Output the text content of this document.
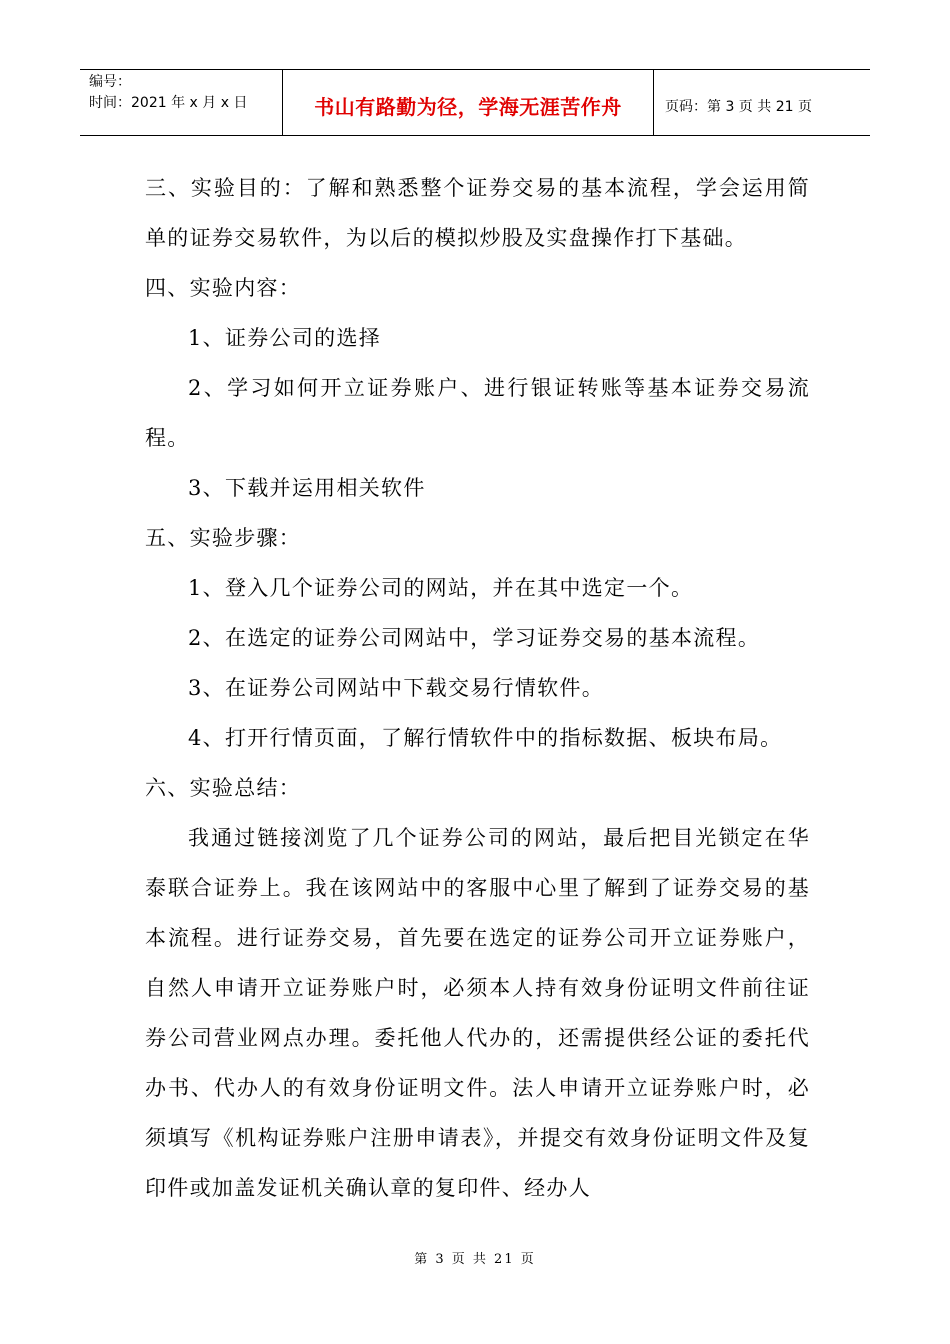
编号：
时间：2021 年 x 月 x 日	书山有路勤为径，学海无涯苦作舟	页码：第 3 页 共 21 页

三、实验目的：了解和熟悉整个证券交易的基本流程，学会运用简单的证券交易软件，为以后的模拟炒股及实盘操作打下基础。

四、实验内容：

1、证券公司的选择

2、学习如何开立证券账户、进行银证转账等基本证券交易流程。

3、下载并运用相关软件

五、实验步骤：

1、登入几个证券公司的网站，并在其中选定一个。

2、在选定的证券公司网站中，学习证券交易的基本流程。

3、在证券公司网站中下载交易行情软件。

4、打开行情页面，了解行情软件中的指标数据、板块布局。

六、实验总结：

我通过链接浏览了几个证券公司的网站，最后把目光锁定在华泰联合证券上。我在该网站中的客服中心里了解到了证券交易的基本流程。进行证券交易，首先要在选定的证券公司开立证券账户，自然人申请开立证券账户时，必须本人持有效身份证明文件前往证券公司营业网点办理。委托他人代办的，还需提供经公证的委托代办书、代办人的有效身份证明文件。法人申请开立证券账户时，必须填写《机构证券账户注册申请表》，并提交有效身份证明文件及复印件或加盖发证机关确认章的复印件、经办人

第 3 页 共 21 页
